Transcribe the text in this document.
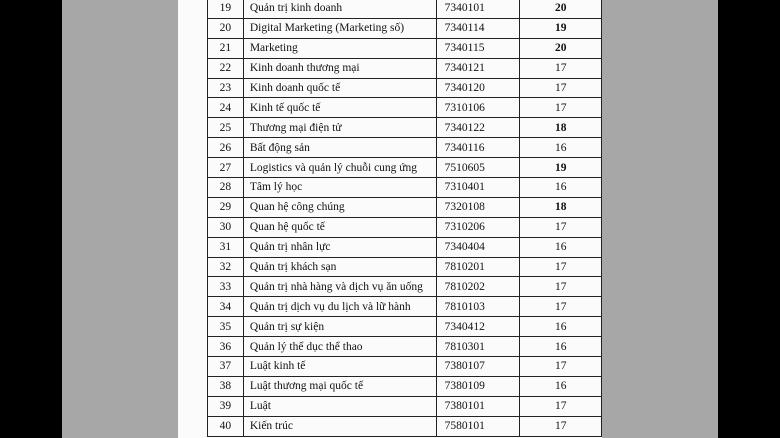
19	Quản trị kinh doanh	7340101	20
20	Digital Marketing (Marketing số)	7340114	19
21	Marketing	7340115	20
22	Kinh doanh thương mại	7340121	17
23	Kinh doanh quốc tế	7340120	17
24	Kinh tế quốc tế	7310106	17
25	Thương mại điện tử	7340122	18
26	Bất động sản	7340116	16
27	Logistics và quản lý chuỗi cung ứng	7510605	19
28	Tâm lý học	7310401	16
29	Quan hệ công chúng	7320108	18
30	Quan hệ quốc tế	7310206	17
31	Quản trị nhân lực	7340404	16
32	Quản trị khách sạn	7810201	17
33	Quản trị nhà hàng và dịch vụ ăn uống	7810202	17
34	Quản trị dịch vụ du lịch và lữ hành	7810103	17
35	Quản trị sự kiện	7340412	16
36	Quản lý thể dục thể thao	7810301	16
37	Luật kinh tế	7380107	17
38	Luật thương mại quốc tế	7380109	16
39	Luật	7380101	17
40	Kiến trúc	7580101	17
